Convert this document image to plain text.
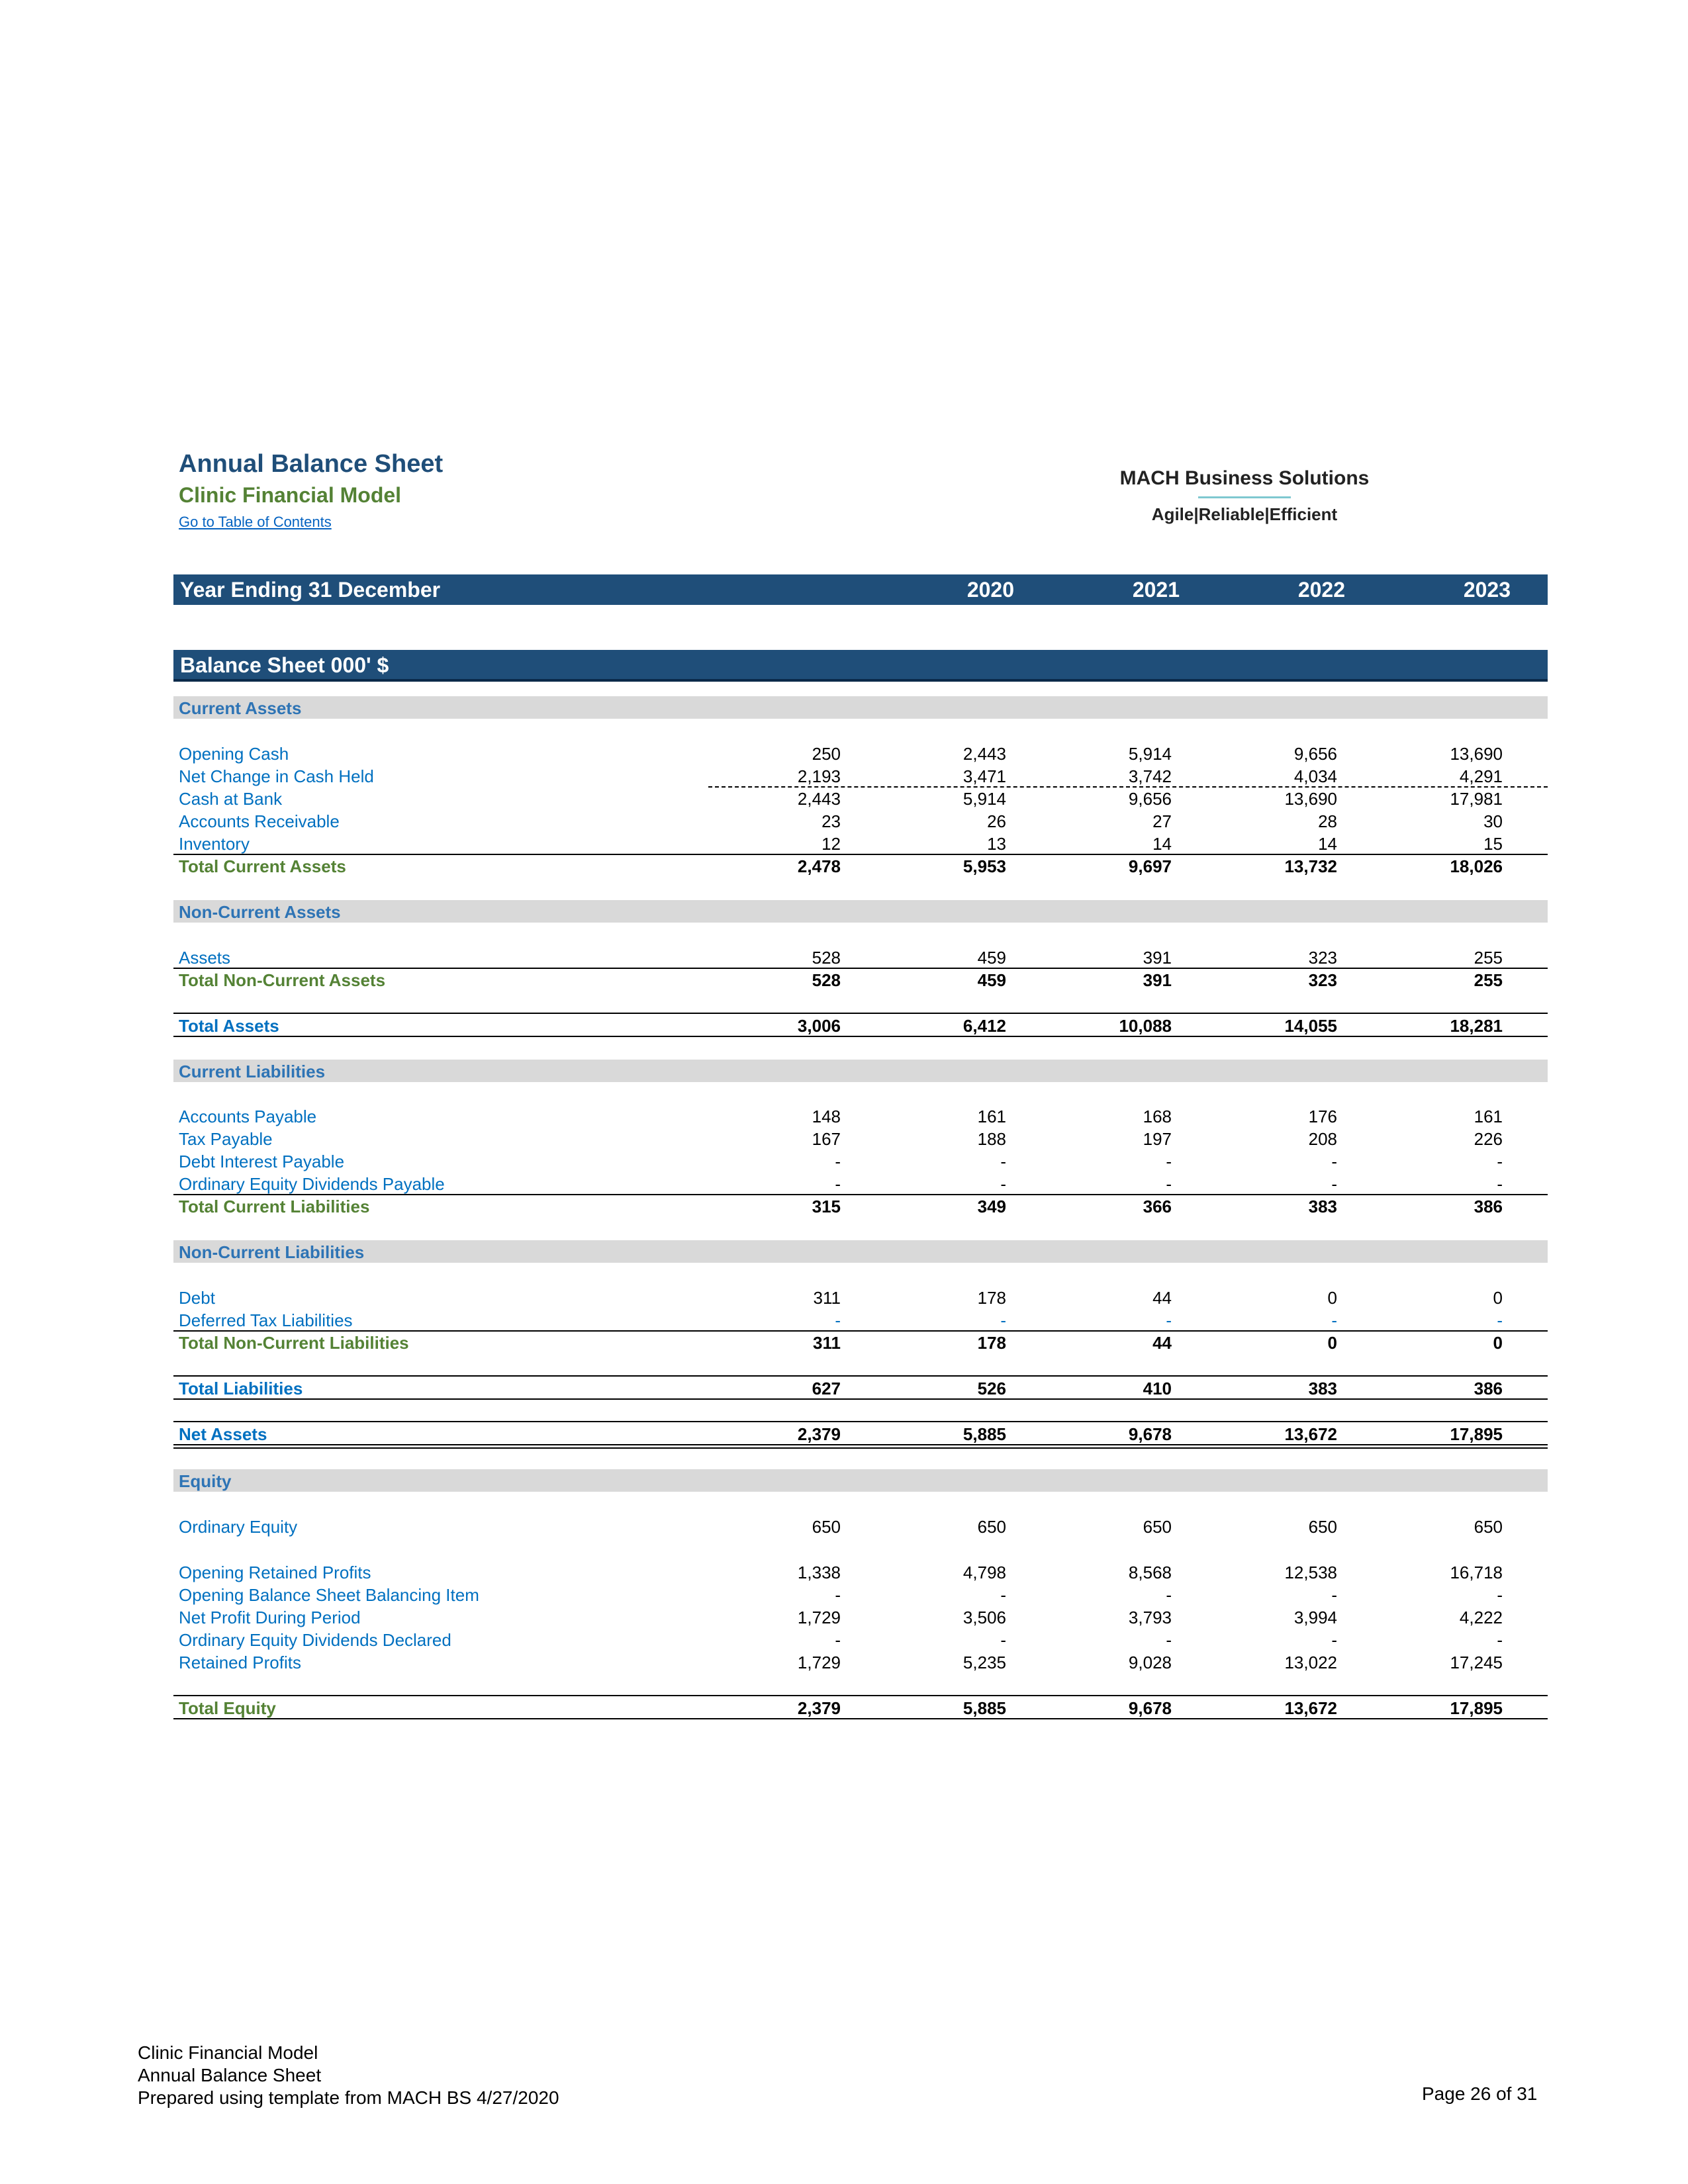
Annual Balance Sheet
Clinic Financial Model
Go to Table of Contents
MACH Business Solutions
Agile|Reliable|Efficient
Year Ending 31 December	2020	2021	2022	2023	2024
Balance Sheet 000' $
Current Assets
Opening Cash	250	2,443	5,914	9,656	13,690
Net Change in Cash Held	2,193	3,471	3,742	4,034	4,291
Cash at Bank	2,443	5,914	9,656	13,690	17,981
Accounts Receivable	23	26	27	28	30
Inventory	12	13	14	14	15
Total Current Assets	2,478	5,953	9,697	13,732	18,026
Non-Current Assets
Assets	528	459	391	323	255
Total Non-Current Assets	528	459	391	323	255
Total Assets	3,006	6,412	10,088	14,055	18,281
Current Liabilities
Accounts Payable	148	161	168	176	161
Tax Payable	167	188	197	208	226
Debt Interest Payable	-	-	-	-	-
Ordinary Equity Dividends Payable	-	-	-	-	-
Total Current Liabilities	315	349	366	383	386
Non-Current Liabilities
Debt	311	178	44	0	0
Deferred Tax Liabilities	-	-	-	-	-
Total Non-Current Liabilities	311	178	44	0	0
Total Liabilities	627	526	410	383	386
Net Assets	2,379	5,885	9,678	13,672	17,895
Equity
Ordinary Equity	650	650	650	650	650
Opening Retained Profits	1,338	4,798	8,568	12,538	16,718
Opening Balance Sheet Balancing Item	-	-	-	-	-
Net Profit During Period	1,729	3,506	3,793	3,994	4,222
Ordinary Equity Dividends Declared	-	-	-	-	-
Retained Profits	1,729	5,235	9,028	13,022	17,245
Total Equity	2,379	5,885	9,678	13,672	17,895
Clinic Financial Model
Annual Balance Sheet
Prepared using template from MACH BS 4/27/2020	Page 26 of 31
